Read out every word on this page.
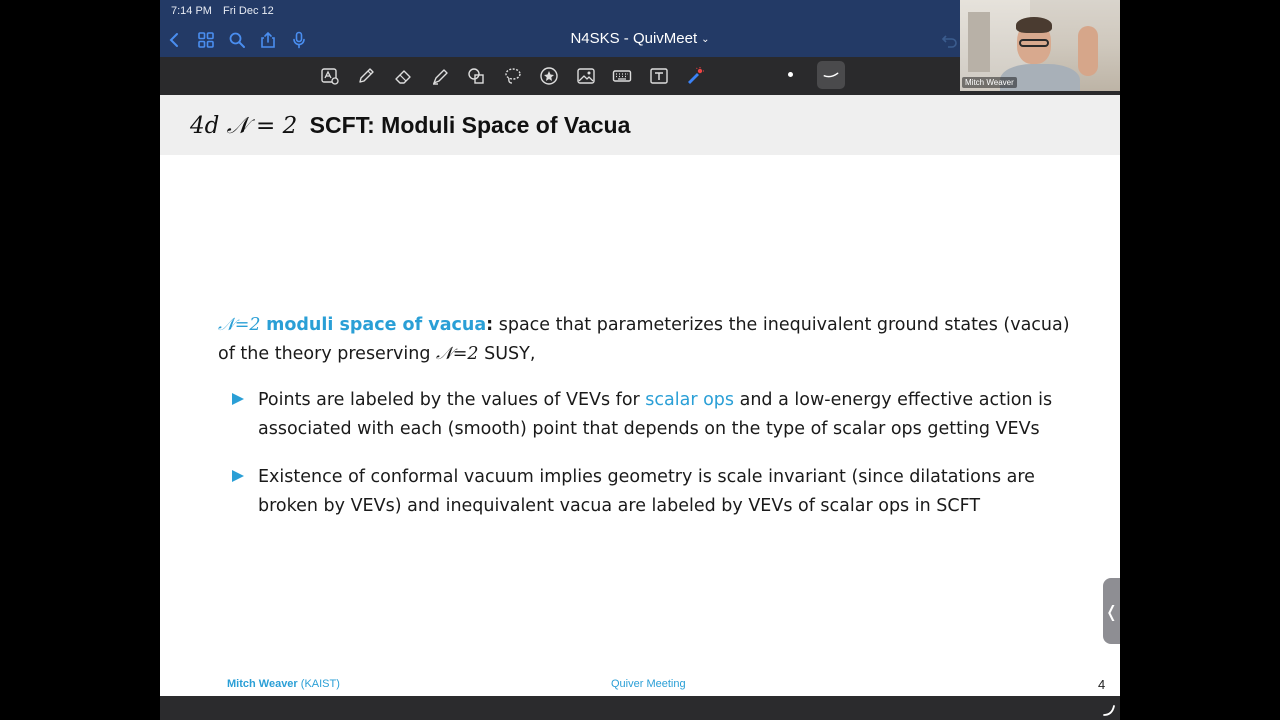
7:14 PM Fri Dec 12
N4SKS - QuivMeet ⌄
Mitch Weaver
4d 𝒩 = 2 SCFT: Moduli Space of Vacua
𝒩=2 moduli space of vacua: space that parameterizes the inequivalent ground states (vacua) of the theory preserving 𝒩=2 SUSY,
Points are labeled by the values of VEVs for scalar ops and a low-energy effective action is associated with each (smooth) point that depends on the type of scalar ops getting VEVs
Existence of conformal vacuum implies geometry is scale invariant (since dilatations are broken by VEVs) and inequivalent vacua are labeled by VEVs of scalar ops in SCFT
Mitch Weaver (KAIST)	Quiver Meeting	4
❬
